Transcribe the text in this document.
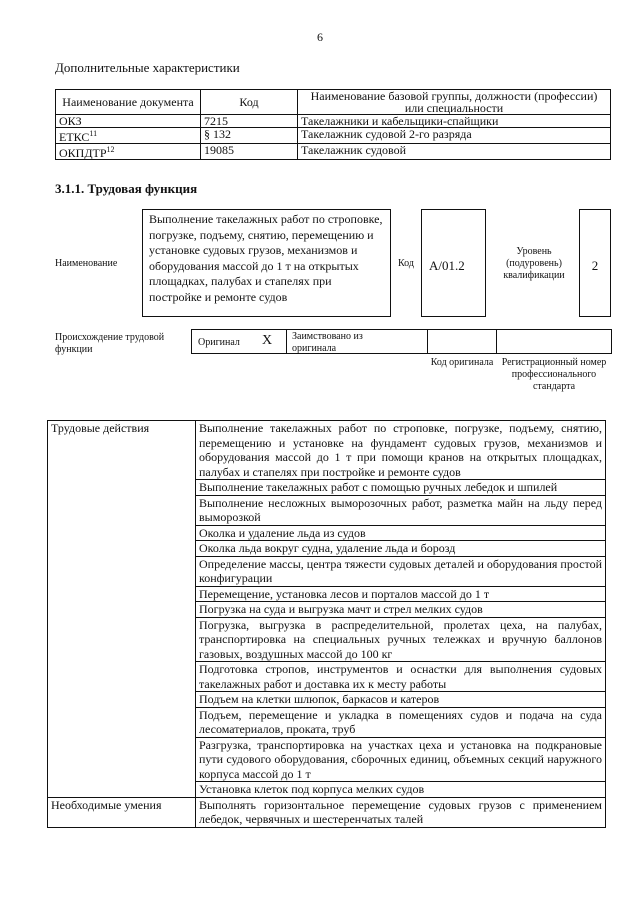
6
Дополнительные характеристики
Наименование документа	Код	Наименование базовой группы, должности (профессии) или специальности
ОКЗ	7215	Такелажники и кабельщики-спайщики
ЕТКС$^{11}$	§ 132	Такелажник судовой 2-го разряда
ОКПДТР$^{12}$	19085	Такелажник судовой
3.1.1. Трудовая функция
Наименование
Выполнение такелажных работ по строповке, погрузке, подъему, снятию, перемещению и установке судовых грузов, механизмов и оборудования массой до 1 т на открытых площадках, палубах и стапелях при постройке и ремонте судов
Код	А/01.2
Уровень (подуровень) квалификации
2
Происхождение трудовой функции
Оригинал X Заимствовано из оригинала
Код оригинала Регистрационный номер профессионального стандарта
Трудовые действия	Выполнение такелажных работ по строповке, погрузке, подъему, снятию, перемещению и установке на фундамент судовых грузов, механизмов и оборудования массой до 1 т при помощи кранов на открытых площадках, палубах и стапелях при постройке и ремонте судов
	Выполнение такелажных работ с помощью ручных лебедок и шпилей
	Выполнение несложных выморозочных работ, разметка майн на льду перед выморозкой
	Околка и удаление льда из судов
	Околка льда вокруг судна, удаление льда и борозд
	Определение массы, центра тяжести судовых деталей и оборудования простой конфигурации
	Перемещение, установка лесов и порталов массой до 1 т
	Погрузка на суда и выгрузка мачт и стрел мелких судов
	Погрузка, выгрузка в распределительной, пролетах цеха, на палубах, транспортировка на специальных ручных тележках и вручную баллонов газовых, воздушных массой до 100 кг
	Подготовка стропов, инструментов и оснастки для выполнения судовых такелажных работ и доставка их к месту работы
	Подъем на клетки шлюпок, баркасов и катеров
	Подъем, перемещение и укладка в помещениях судов и подача на суда лесоматериалов, проката, труб
	Разгрузка, транспортировка на участках цеха и установка на подкрановые пути судового оборудования, сборочных единиц, объемных секций наружного корпуса массой до 1 т
	Установка клеток под корпуса мелких судов
Необходимые умения	Выполнять горизонтальное перемещение судовых грузов с применением лебедок, червячных и шестеренчатых талей
